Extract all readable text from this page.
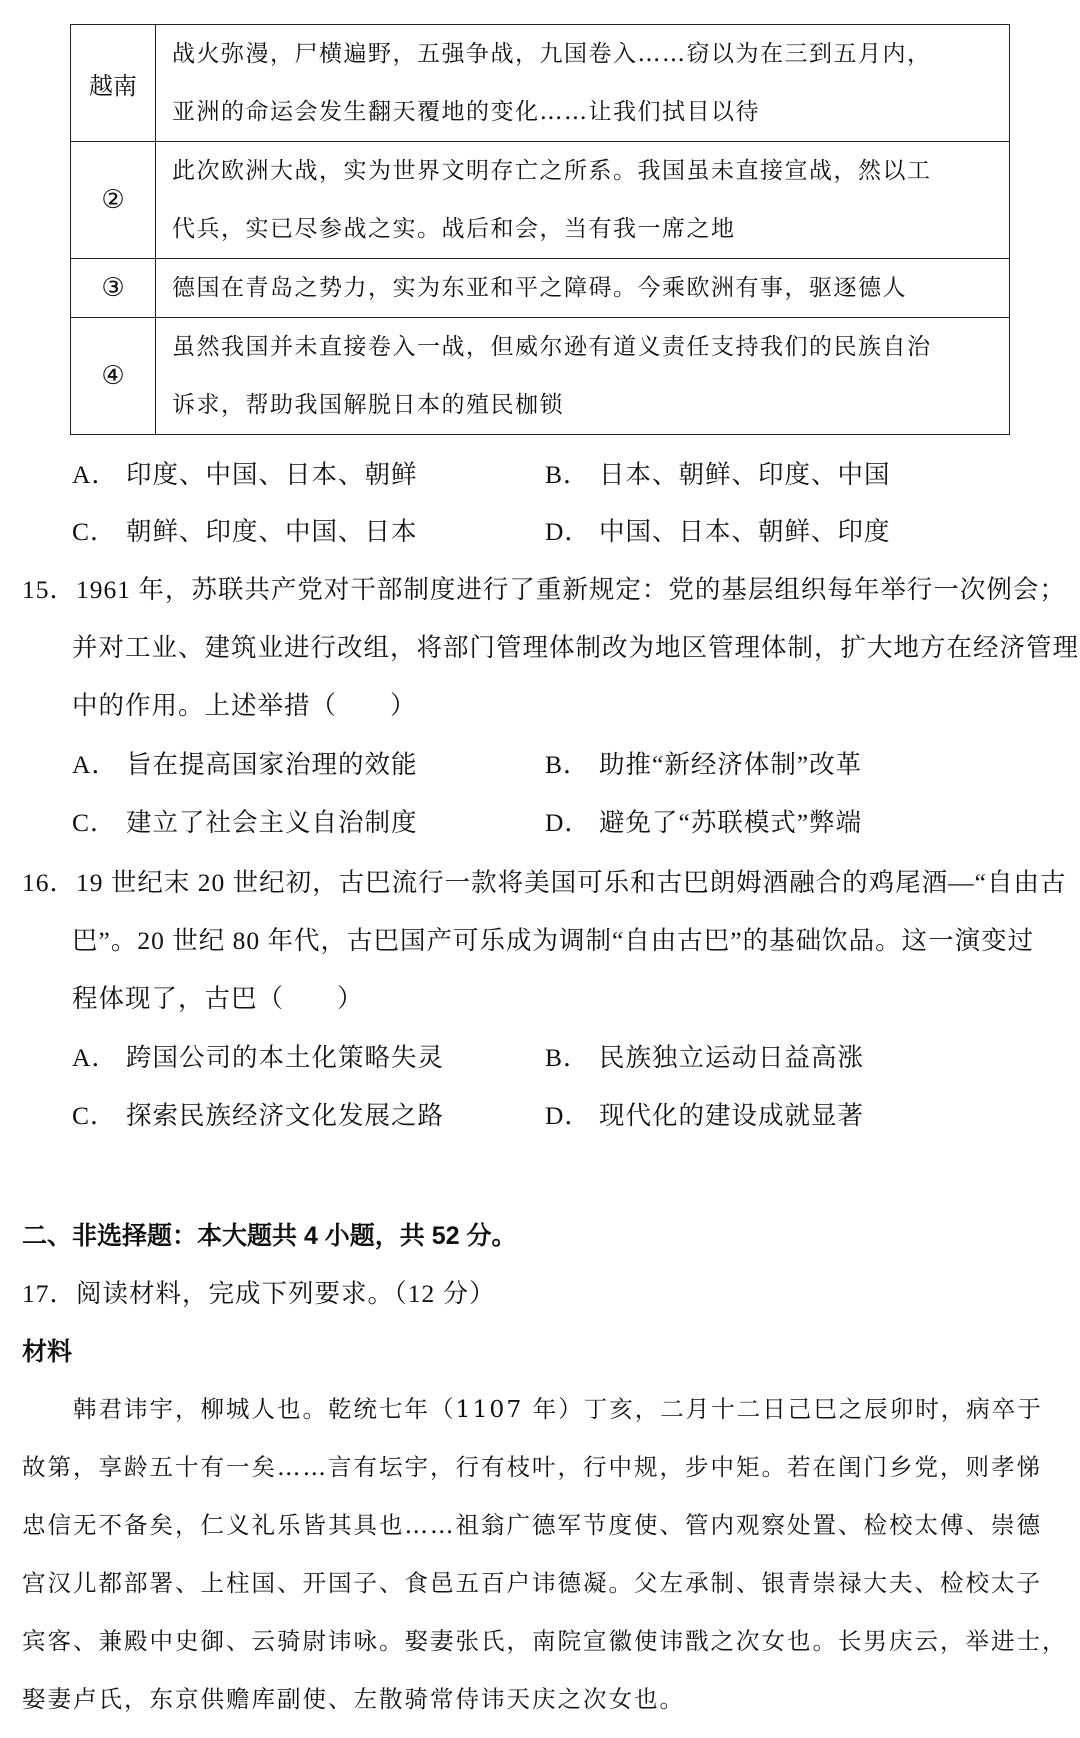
越南	战火弥漫，尸横遍野，五强争战，九国卷入……窃以为在三到五月内，
亚洲的命运会发生翻天覆地的变化……让我们拭目以待

②	此次欧洲大战，实为世界文明存亡之所系。我国虽未直接宣战，然以工
代兵，实已尽参战之实。战后和会，当有我一席之地

③	德国在青岛之势力，实为东亚和平之障碍。今乘欧洲有事，驱逐德人

④	虽然我国并未直接卷入一战，但威尔逊有道义责任支持我们的民族自治
诉求，帮助我国解脱日本的殖民枷锁
A． 印度、中国、日本、朝鲜	B． 日本、朝鲜、印度、中国
C． 朝鲜、印度、中国、日本	D． 中国、日本、朝鲜、印度
15．1961 年，苏联共产党对干部制度进行了重新规定：党的基层组织每年举行一次例会；
并对工业、建筑业进行改组，将部门管理体制改为地区管理体制，扩大地方在经济管理
中的作用。上述举措（　　）
A． 旨在提高国家治理的效能	B． 助推“新经济体制”改革
C． 建立了社会主义自治制度	D． 避免了“苏联模式”弊端
16．19 世纪末 20 世纪初，古巴流行一款将美国可乐和古巴朗姆酒融合的鸡尾酒—“自由古
巴”。20 世纪 80 年代，古巴国产可乐成为调制“自由古巴”的基础饮品。这一演变过
程体现了，古巴（　　）
A． 跨国公司的本土化策略失灵	B． 民族独立运动日益高涨
C． 探索民族经济文化发展之路	D． 现代化的建设成就显著
二、非选择题：本大题共 4 小题，共 52 分。
17．阅读材料，完成下列要求。（12 分）
材料
　　韩君讳宇，柳城人也。乾统七年（1107 年）丁亥，二月十二日己巳之辰卯时，病卒于
故第，享龄五十有一矣……言有坛宇，行有枝叶，行中规，步中矩。若在闺门乡党，则孝悌
忠信无不备矣，仁义礼乐皆其具也……祖翁广德军节度使、管内观察处置、检校太傅、崇德
宫汉儿都部署、上柱国、开国子、食邑五百户讳德凝。父左承制、银青崇禄大夫、检校太子
宾客、兼殿中史御、云骑尉讳咏。娶妻张氏，南院宣徽使讳戬之次女也。长男庆云，举进士，
娶妻卢氏，东京供赡库副使、左散骑常侍讳天庆之次女也。
